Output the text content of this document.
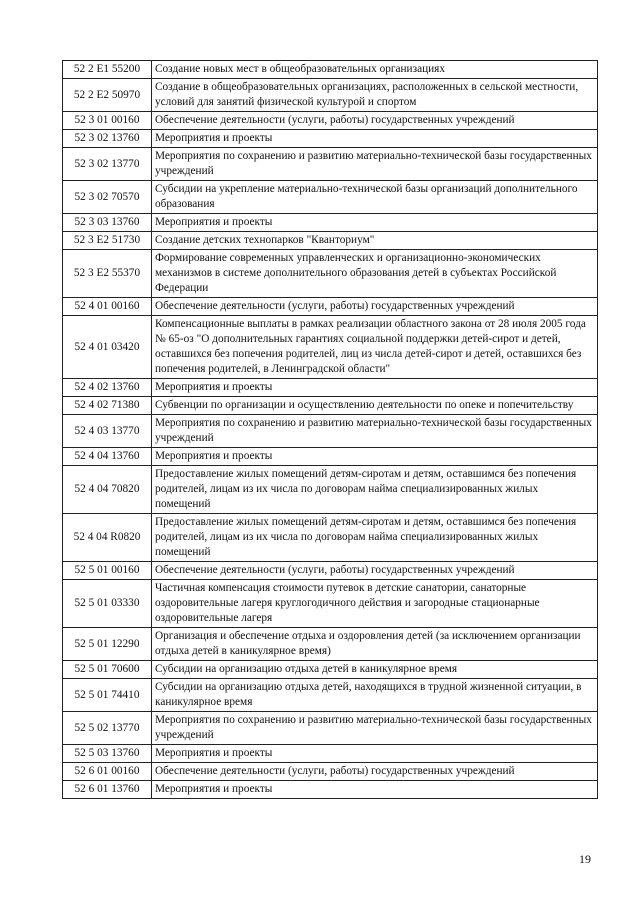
52 2 E1 55200	Создание новых мест в общеобразовательных организациях
52 2 E2 50970	Создание в общеобразовательных организациях, расположенных в сельской местности, условий для занятий физической культурой и спортом
52 3 01 00160	Обеспечение деятельности (услуги, работы) государственных учреждений
52 3 02 13760	Мероприятия и проекты
52 3 02 13770	Мероприятия по сохранению и развитию материально-технической базы государственных учреждений
52 3 02 70570	Субсидии на укрепление материально-технической базы организаций дополнительного образования
52 3 03 13760	Мероприятия и проекты
52 3 E2 51730	Создание детских технопарков "Кванториум"
52 3 E2 55370	Формирование современных управленческих и организационно-экономических механизмов в системе дополнительного образования детей в субъектах Российской Федерации
52 4 01 00160	Обеспечение деятельности (услуги, работы) государственных учреждений
52 4 01 03420	Компенсационные выплаты в рамках реализации областного закона от 28 июля 2005 года № 65-оз "О дополнительных гарантиях социальной поддержки детей-сирот и детей, оставшихся без попечения родителей, лиц из числа детей-сирот и детей, оставшихся без попечения родителей, в Ленинградской области"
52 4 02 13760	Мероприятия и проекты
52 4 02 71380	Субвенции по организации и осуществлению деятельности по опеке и попечительству
52 4 03 13770	Мероприятия по сохранению и развитию материально-технической базы государственных учреждений
52 4 04 13760	Мероприятия и проекты
52 4 04 70820	Предоставление жилых помещений детям-сиротам и детям, оставшимся без попечения родителей, лицам из их числа по договорам найма специализированных жилых помещений
52 4 04 R0820	Предоставление жилых помещений детям-сиротам и детям, оставшимся без попечения родителей, лицам из их числа по договорам найма специализированных жилых помещений
52 5 01 00160	Обеспечение деятельности (услуги, работы) государственных учреждений
52 5 01 03330	Частичная компенсация стоимости путевок в детские санатории, санаторные оздоровительные лагеря круглогодичного действия и загородные стационарные оздоровительные лагеря
52 5 01 12290	Организация и обеспечение отдыха и оздоровления детей (за исключением организации отдыха детей в каникулярное время)
52 5 01 70600	Субсидии на организацию отдыха детей в каникулярное время
52 5 01 74410	Субсидии на организацию отдыха детей, находящихся в трудной жизненной ситуации, в каникулярное время
52 5 02 13770	Мероприятия по сохранению и развитию материально-технической базы государственных учреждений
52 5 03 13760	Мероприятия и проекты
52 6 01 00160	Обеспечение деятельности (услуги, работы) государственных учреждений
52 6 01 13760	Мероприятия и проекты
19
